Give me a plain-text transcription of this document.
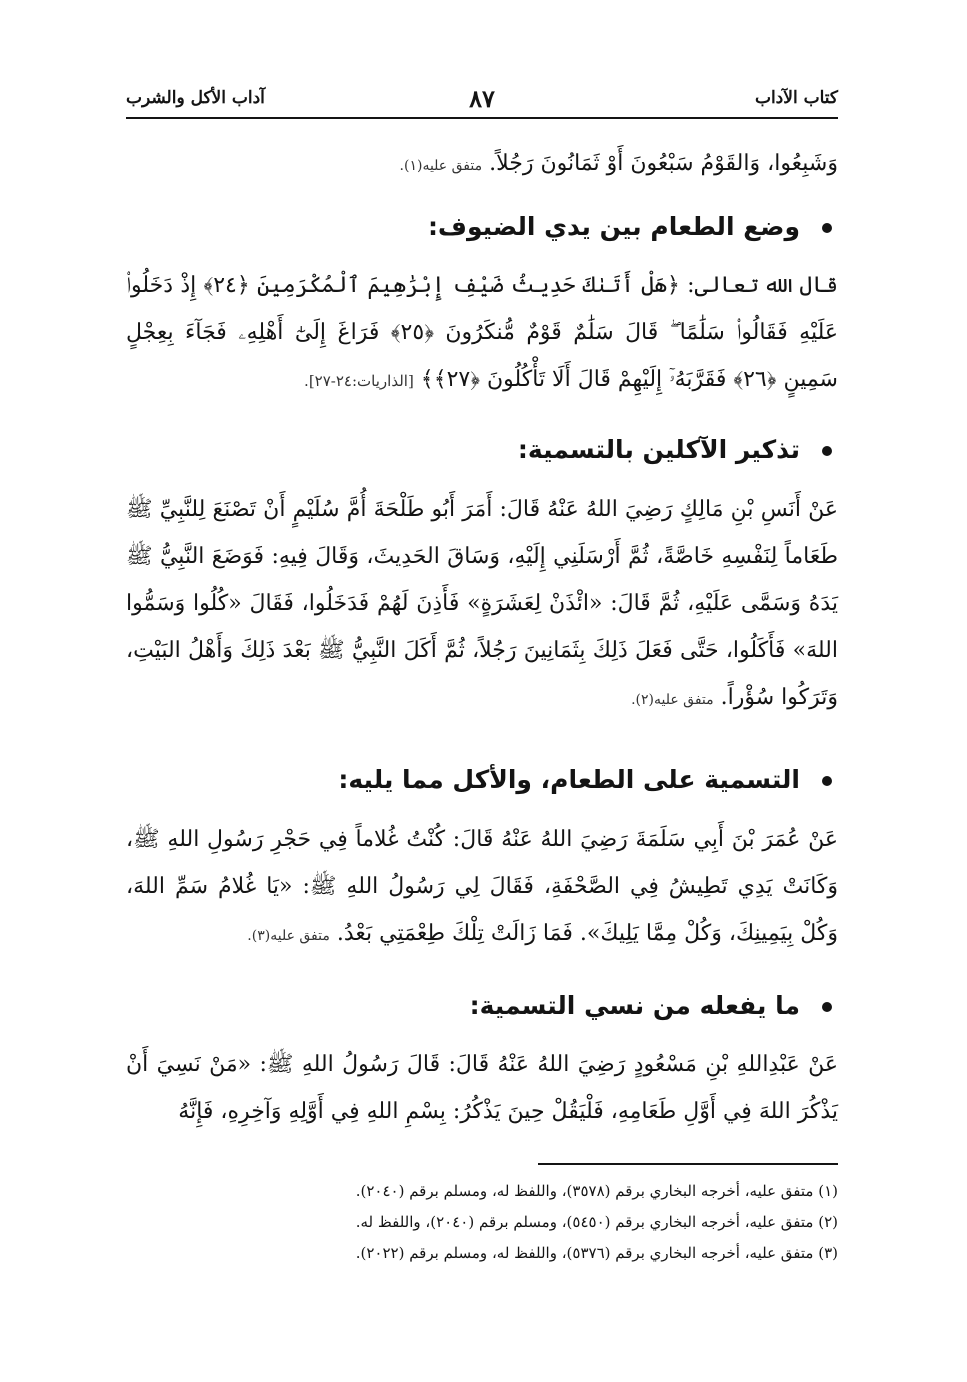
كتاب الآداب
٨٧
آداب الأكل والشرب
وَشَبِعُوا، وَالقَوْمُ سَبْعُونَ أَوْ ثَمَانُونَ رَجُلاً. متفق عليه(١).
وضع الطعام بين يدي الضيوف:
قال الله تعالى: ﴿هَلْ أَتَىٰكَ حَدِيثُ ضَيْفِ إِبْرَٰهِيمَ ٱلْمُكْرَمِينَ ﴿٢٤﴾ إِذْ دَخَلُوا۟ عَلَيْهِ فَقَالُوا۟ سَلَٰمًا ۖ قَالَ سَلَٰمٌ قَوْمٌ مُّنكَرُونَ ﴿٢٥﴾ فَرَاغَ إِلَىٰٓ أَهْلِهِۦ فَجَآءَ بِعِجْلٍ سَمِينٍ ﴿٢٦﴾ فَقَرَّبَهُۥٓ إِلَيْهِمْ قَالَ أَلَا تَأْكُلُونَ ﴿٢٧﴾﴾ [الذاريات:٢٤-٢٧].
تذكير الآكلين بالتسمية:
عَنْ أَنَسِ بْنِ مَالِكٍ رَضِيَ اللهُ عَنْهُ قَالَ: أَمَرَ أَبُو طَلْحَةَ أُمَّ سُلَيْمٍ أَنْ تَصْنَعَ لِلنَّبِيِّ ﷺ طَعَاماً لِنَفْسِهِ خَاصَّةً، ثُمَّ أَرْسَلَنِي إِلَيْهِ، وَسَاقَ الحَدِيثَ، وَقَالَ فِيهِ: فَوَضَعَ النَّبِيُّ ﷺ يَدَهُ وَسَمَّى عَلَيْهِ، ثُمَّ قَالَ: «ائْذَنْ لِعَشَرَةٍ» فَأَذِنَ لَهُمْ فَدَخَلُوا، فَقَالَ «كُلُوا وَسَمُّوا اللهَ» فَأَكَلُوا، حَتَّى فَعَلَ ذَلِكَ بِثَمَانِينَ رَجُلاً، ثُمَّ أَكَلَ النَّبِيُّ ﷺ بَعْدَ ذَلِكَ وَأَهْلُ البَيْتِ، وَتَرَكُوا سُؤْراً. متفق عليه(٢).
التسمية على الطعام، والأكل مما يليه:
عَنْ عُمَرَ بْنَ أَبِي سَلَمَةَ رَضِيَ اللهُ عَنْهُ قَالَ: كُنْتُ غُلاماً فِي حَجْرِ رَسُولِ اللهِ ﷺ، وَكَانَتْ يَدِي تَطِيشُ فِي الصَّحْفَةِ، فَقَالَ لِي رَسُولُ اللهِ ﷺ: «يَا غُلامُ سَمِّ اللهَ، وَكُلْ بِيَمِينِكَ، وَكُلْ مِمَّا يَلِيكَ». فَمَا زَالَتْ تِلْكَ طِعْمَتِي بَعْدُ. متفق عليه(٣).
ما يفعله من نسي التسمية:
عَنْ عَبْدِاللهِ بْنِ مَسْعُودٍ رَضِيَ اللهُ عَنْهُ قَالَ: قَالَ رَسُولُ اللهِ ﷺ: «مَنْ نَسِيَ أَنْ يَذْكُرَ اللهَ فِي أَوَّلِ طَعَامِهِ، فَلْيَقُلْ حِينَ يَذْكُرُ: بِسْمِ اللهِ فِي أَوَّلِهِ وَآخِرِهِ، فَإِنَّهُ
(١) متفق عليه، أخرجه البخاري برقم (٣٥٧٨)، واللفظ له، ومسلم برقم (٢٠٤٠).
(٢) متفق عليه، أخرجه البخاري برقم (٥٤٥٠)، ومسلم برقم (٢٠٤٠)، واللفظ له.
(٣) متفق عليه، أخرجه البخاري برقم (٥٣٧٦)، واللفظ له، ومسلم برقم (٢٠٢٢).
